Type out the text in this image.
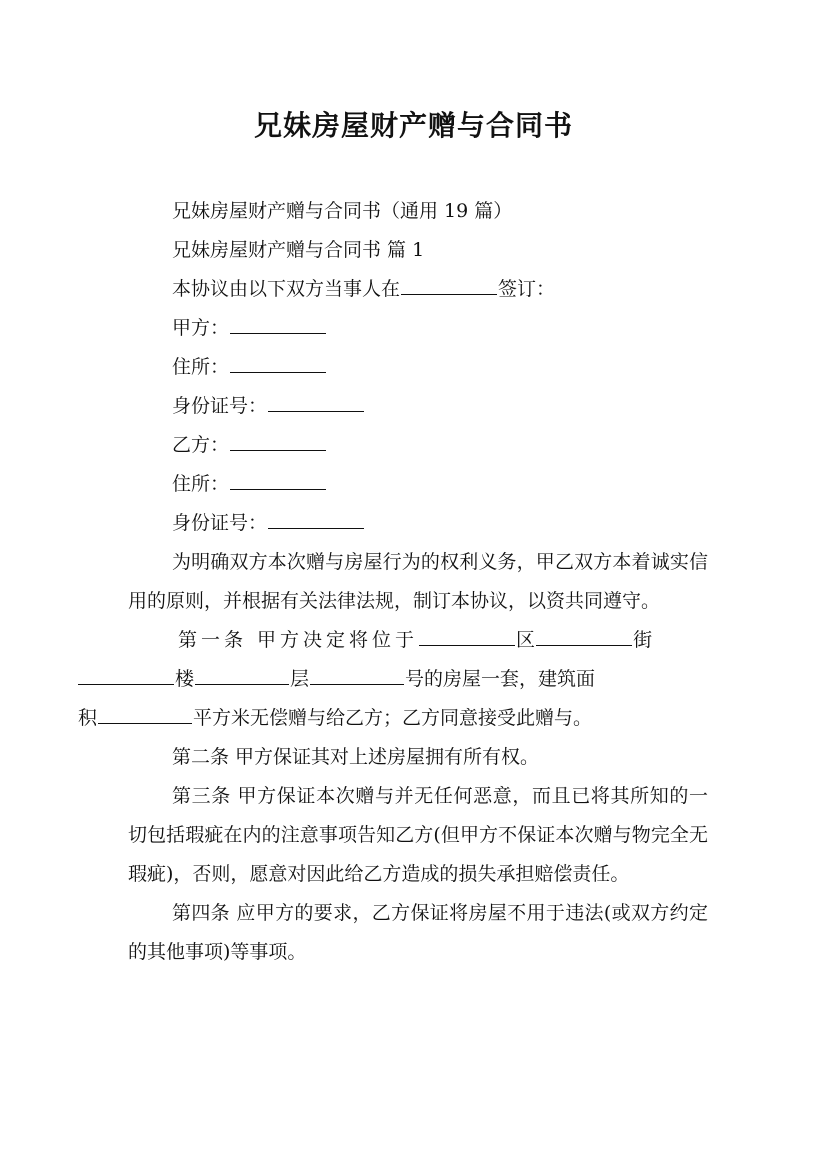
兄妹房屋财产赠与合同书
兄妹房屋财产赠与合同书（通用 19 篇）
兄妹房屋财产赠与合同书 篇 1
本协议由以下双方当事人在	签订：
甲方：
住所：
身份证号：
乙方：
住所：
身份证号：
为明确双方本次赠与房屋行为的权利义务，甲乙双方本着诚实信用的原则，并根据有关法律法规，制订本协议，以资共同遵守。
第一条 甲方决定将位于	区	街
楼	层	号的房屋一套，建筑面
积	平方米无偿赠与给乙方；乙方同意接受此赠与。
第二条 甲方保证其对上述房屋拥有所有权。
第三条 甲方保证本次赠与并无任何恶意，而且已将其所知的一切包括瑕疵在内的注意事项告知乙方(但甲方不保证本次赠与物完全无瑕疵)，否则，愿意对因此给乙方造成的损失承担赔偿责任。
第四条 应甲方的要求，乙方保证将房屋不用于违法(或双方约定的其他事项)等事项。
